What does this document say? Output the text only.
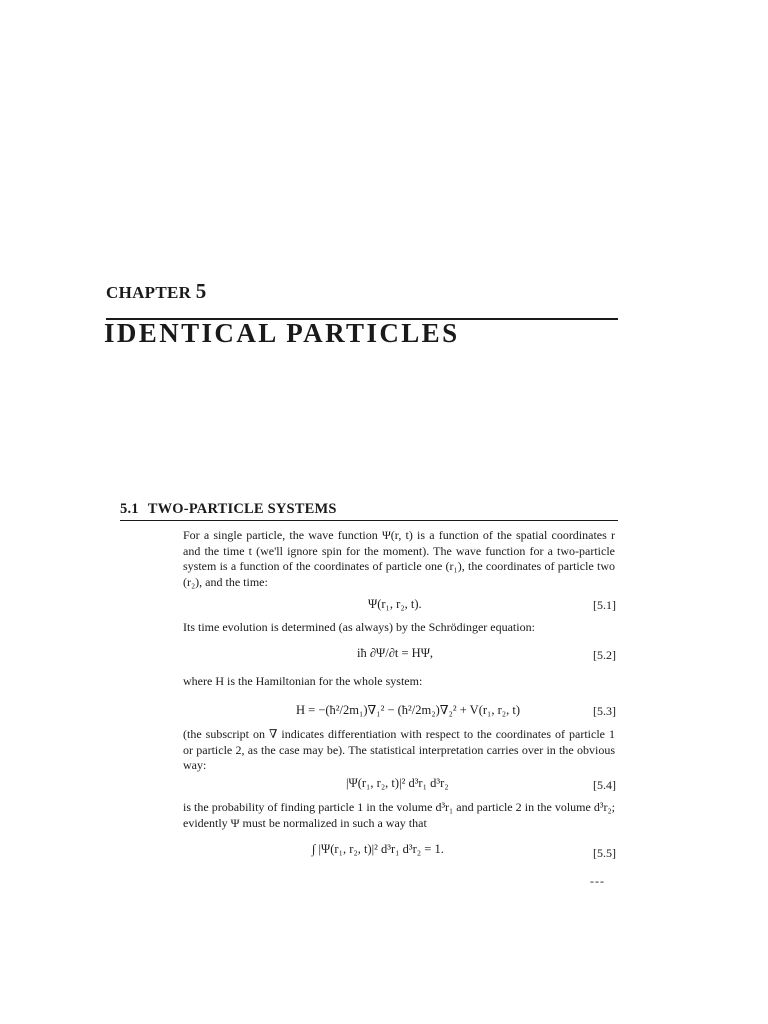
CHAPTER 5
IDENTICAL PARTICLES
5.1 TWO-PARTICLE SYSTEMS
For a single particle, the wave function Ψ(r, t) is a function of the spatial coordinates r and the time t (we'll ignore spin for the moment). The wave function for a two-particle system is a function of the coordinates of particle one (r₁), the coordinates of particle two (r₂), and the time:
Ψ(r₁, r₂, t).	[5.1]
Its time evolution is determined (as always) by the Schrödinger equation:
iħ ∂Ψ/∂t = HΨ,	[5.2]
where H is the Hamiltonian for the whole system:
H = −(ħ²/2m₁)∇₁² − (ħ²/2m₂)∇₂² + V(r₁, r₂, t)	[5.3]
(the subscript on ∇ indicates differentiation with respect to the coordinates of particle 1 or particle 2, as the case may be). The statistical interpretation carries over in the obvious way:
|Ψ(r₁, r₂, t)|² d³r₁ d³r₂	[5.4]
is the probability of finding particle 1 in the volume d³r₁ and particle 2 in the volume d³r₂; evidently Ψ must be normalized in such a way that
∫ |Ψ(r₁, r₂, t)|² d³r₁ d³r₂ = 1.	[5.5]
---
